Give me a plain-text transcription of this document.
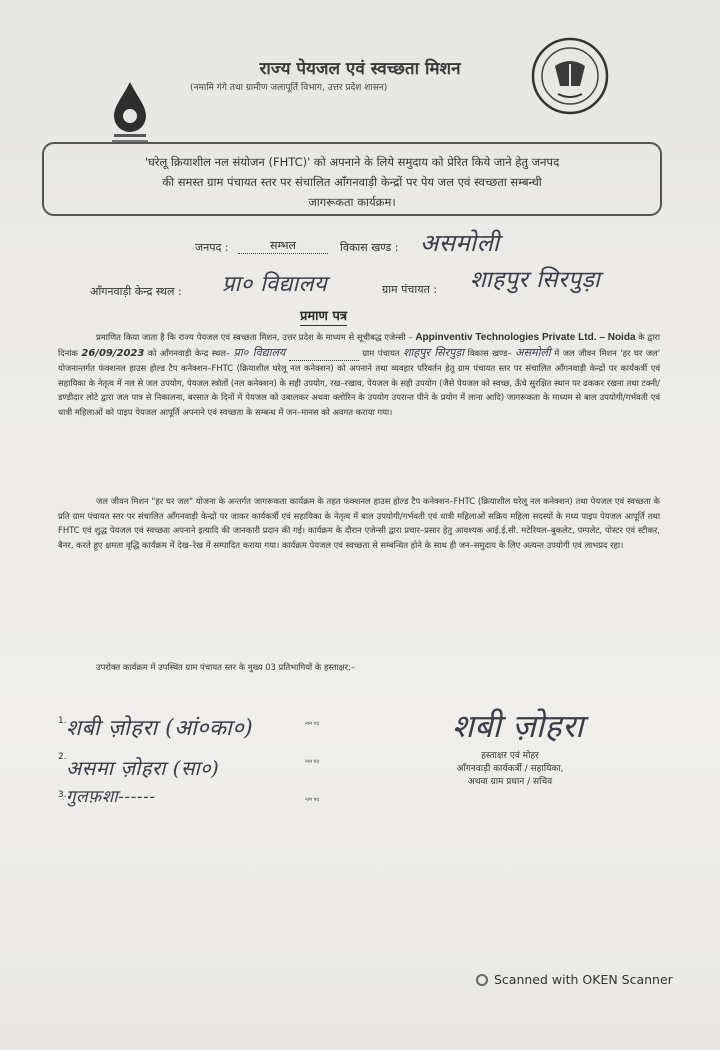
राज्य पेयजल एवं स्वच्छता मिशन
(नमामि गंगे तथा ग्रामीण जलापूर्ति विभाग, उत्तर प्रदेश शासन)
'घरेलू क्रियाशील नल संयोजन (FHTC)' को अपनाने के लिये समुदाय को प्रेरित किये जाने हेतु जनपद
की समस्त ग्राम पंचायत स्तर पर संचालित आँगनवाड़ी केन्द्रों पर पेय जल एवं स्वच्छता सम्बन्धी
जागरूकता कार्यक्रम।
जनपद :	सम्भल	विकास खण्ड : असमोली
आँगनवाड़ी केन्द्र स्थल : प्रा० विद्यालय	ग्राम पंचायत : शाहपुर सिरपुड़ा
प्रमाण पत्र
प्रमाणित किया जाता है कि राज्य पेयजल एवं स्वच्छता मिशन, उत्तर प्रदेश के माध्यम से सूचीबद्ध एजेन्सी – Appinventiv Technologies Private Ltd. – Noida के द्वारा दिनांक 26/09/2023 को आँगनवाड़ी केन्द्र स्थल– प्रा० विद्यालय	ग्राम पंचायत शाहपुर सिरपुड़ा विकास खण्ड– असमोली में जल जीवन मिशन 'हर घर जल' योजनान्तर्गत फंक्शनल हाउस होल्ड टैप कनेक्शन–FHTC (क्रियाशील घरेलू नल कनेक्शन) को अपनाने तथा व्यवहार परिवर्तन हेतु ग्राम पंचायत स्तर पर संचालित आँगनवाड़ी केन्द्रों पर कार्यकर्त्री एवं सहायिका के नेतृत्व में नल से जल उपयोग, पेयजल स्त्रोतों (नल कनेक्शन) के सही उपयोग, रख–रखाव, पेयजल के सही उपयोग (जैसे पेयजल को स्वच्छ, ऊँचे सुरक्षित स्थान पर ढककर रखना तथा टक्नी/डण्डीदार लोटे द्वारा जल पात्र से निकालना, बरसात के दिनों में पेयजल को उबालकर अथवा क्लोरिन के उपयोग उपरान्त पीने के प्रयोग में लाना आदि) जागरूकता के माध्यम से बाल उपयोगी/गर्भवती एवं धात्री महिलाओं को पाइप पेयजल आपूर्ति अपनाने एवं स्वच्छता के सम्बन्ध में जन–मानस को अवगत कराया गया।
जल जीवन मिशन "हर घर जल" योजना के अन्तर्गत जागरूकता कार्यक्रम के तहत फंक्शनल हाउस होल्ड टैप कनेक्शन–FHTC (क्रियाशील घरेलू नल कनेक्शन) तथा पेयजल एवं स्वच्छता के प्रति ग्राम पंचायत स्तर पर संचालित आँगनवाड़ी केन्द्रों पर जाकर कार्यकर्त्री एवं सहायिका के नेतृत्व में बाल उपयोगी/गर्भवती एवं धात्री महिलाओं सक्रिय महिला सदस्यों के मध्य पाइप पेयजल आपूर्ति तथा FHTC एवं शुद्ध पेयजल एवं स्वच्छता अपनाने इत्यादि की जानकारी प्रदान की गई। कार्यक्रम के दौरान एजेन्सी द्वारा प्रचार–प्रसार हेतु आवश्यक आई.ई.सी. मटेरियल–बुकलेट, पम्पलेट, पोस्टर एवं स्टीकर, बैनर, करते हुए क्षमता वृद्धि कार्यक्रम में देख–रेख में सम्पादित कराया गया। कार्यक्रम पेयजल एवं स्वच्छता से सम्बन्धित होने के साथ ही जन–समुदाय के लिए अत्यन्त उपयोगी एवं लाभप्रद रहा।
उपरोक्त कार्यक्रम में उपस्थित ग्राम पंचायत स्तर के मुख्य 03 प्रतिभागियों के हस्ताक्षर:–
1. शबी ज़ोहरा (आं०का०)	नाम पद
2. असमा ज़ोहरा (सा०)	नाम पद
3. गुलफ़शा------	नाम पद
शबी ज़ोहरा
हस्ताक्षर एवं मोहर
आँगनवाड़ी कार्यकर्त्री / सहायिका,
अथवा ग्राम प्रधान / सचिव
Scanned with OKEN Scanner
